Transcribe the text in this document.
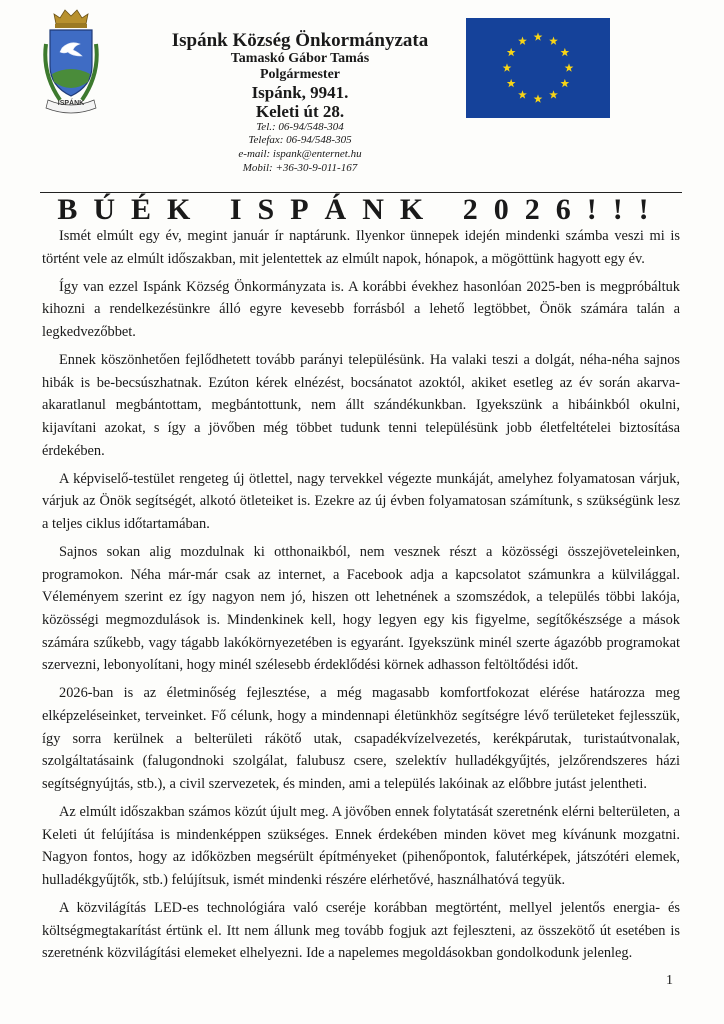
ISPÁNK
Ispánk Község Önkormányzata
Tamaskó Gábor Tamás
Polgármester
Ispánk, 9941.
Keleti út 28.
Tel.: 06-94/548-304
Telefax: 06-94/548-305
e-mail: ispank@enternet.hu
Mobil: +36-30-9-011-167
BÚÉK ISPÁNK 2026!!!

Ismét elmúlt egy év, megint január ír naptárunk. Ilyenkor ünnepek idején mindenki számba veszi mi is történt vele az elmúlt időszakban, mit jelentettek az elmúlt napok, hónapok, a mögöttünk hagyott egy év.

Így van ezzel Ispánk Község Önkormányzata is. A korábbi évekhez hasonlóan 2025-ben is megpróbáltuk kihozni a rendelkezésünkre álló egyre kevesebb forrásból a lehető legtöbbet, Önök számára talán a legkedvezőbbet.

Ennek köszönhetően fejlődhetett tovább parányi településünk. Ha valaki teszi a dolgát, néha-néha sajnos hibák is be-becsúszhatnak. Ezúton kérek elnézést, bocsánatot azoktól, akiket esetleg az év során akarva-akaratlanul megbántottam, megbántottunk, nem állt szándékunkban. Igyekszünk a hibáinkból okulni, kijavítani azokat, s így a jövőben még többet tudunk tenni településünk jobb életfeltételei biztosítása érdekében.

A képviselő-testület rengeteg új ötlettel, nagy tervekkel végezte munkáját, amelyhez folyamatosan várjuk, várjuk az Önök segítségét, alkotó ötleteiket is. Ezekre az új évben folyamatosan számítunk, s szükségünk lesz a teljes ciklus időtartamában.

Sajnos sokan alig mozdulnak ki otthonaikból, nem vesznek részt a közösségi összejöveteleinken, programokon. Néha már-már csak az internet, a Facebook adja a kapcsolatot számunkra a külvilággal. Véleményem szerint ez így nagyon nem jó, hiszen ott lehetnének a szomszédok, a település többi lakója, közösségi megmozdulások is. Mindenkinek kell, hogy legyen egy kis figyelme, segítőkészsége a mások számára szűkebb, vagy tágabb lakókörnyezetében is egyaránt. Igyekszünk minél szerte ágazóbb programokat szervezni, lebonyolítani, hogy minél szélesebb érdeklődési körnek adhasson feltöltődési időt.

2026-ban is az életminőség fejlesztése, a még magasabb komfortfokozat elérése határozza meg elképzeléseinket, terveinket. Fő célunk, hogy a mindennapi életünkhöz segítségre lévő területeket fejlesszük, így sorra kerülnek a belterületi rákötő utak, csapadékvízelvezetés, kerékpárutak, turistaútvonalak, szolgáltatásaink (falugondnoki szolgálat, falubusz csere, szelektív hulladékgyűjtés, jelzőrendszeres házi segítségnyújtás, stb.), a civil szervezetek, és minden, ami a település lakóinak az előbbre jutást jelentheti.

Az elmúlt időszakban számos közút újult meg. A jövőben ennek folytatását szeretnénk elérni belterületen, a Keleti út felújítása is mindenképpen szükséges. Ennek érdekében minden követ meg kívánunk mozgatni. Nagyon fontos, hogy az időközben megsérült építményeket (pihenőpontok, falutérképek, játszótéri elemek, hulladékgyűjtők, stb.) felújítsuk, ismét mindenki részére elérhetővé, használhatóvá tegyük.

A közvilágítás LED-es technológiára való cseréje korábban megtörtént, mellyel jelentős energia- és költségmegtakarítást értünk el. Itt nem állunk meg tovább fogjuk azt fejleszteni, az összekötő út esetében is szeretnénk közvilágítási elemeket elhelyezni. Ide a napelemes megoldásokban gondolkodunk jelenleg.

1
